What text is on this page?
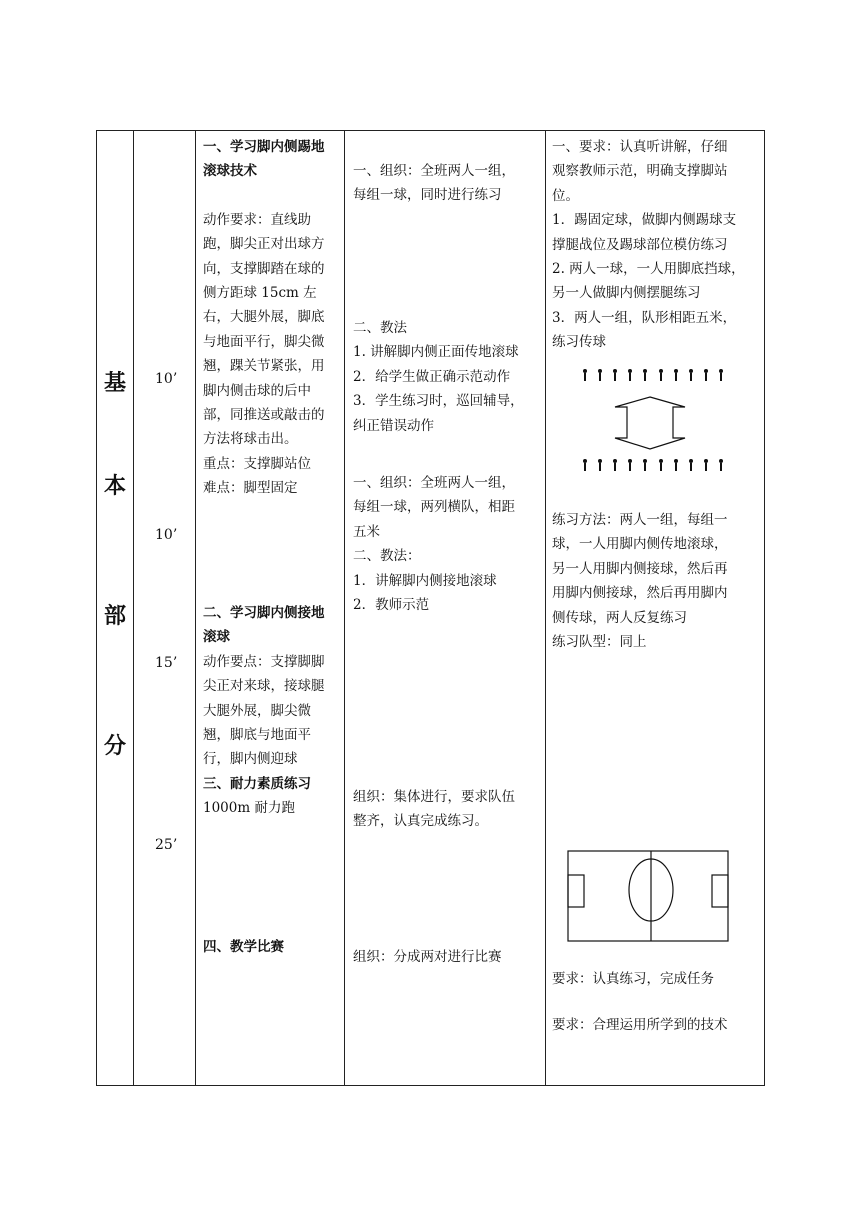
基
本
部
分
10’
10’
15’
25’

一、学习脚内侧踢地

滚球技术

动作要求：直线助

跑，脚尖正对出球方

向，支撑脚踏在球的

侧方距球 15cm 左

右，大腿外展，脚底

与地面平行，脚尖微

翘，踝关节紧张，用

脚内侧击球的后中

部，同推送或敲击的

方法将球击出。

重点：支撑脚站位

难点：脚型固定

二、学习脚内侧接地

滚球

动作要点：支撑脚脚

尖正对来球，接球腿

大腿外展，脚尖微

翘，脚底与地面平

行，脚内侧迎球

三、耐力素质练习

1000m 耐力跑

四、教学比赛

一、组织：全班两人一组，

每组一球，同时进行练习

二、教法

1. 讲解脚内侧正面传地滚球

2．给学生做正确示范动作

3．学生练习时，巡回辅导，

纠正错误动作

一、组织：全班两人一组，

每组一球，两列横队，相距

五米

二、教法：

1．讲解脚内侧接地滚球

2．教师示范

组织：集体进行，要求队伍

整齐，认真完成练习。

组织：分成两对进行比赛

一、要求：认真听讲解，仔细

观察教师示范，明确支撑脚站

位。

1．踢固定球，做脚内侧踢球支

撑腿战位及踢球部位模仿练习

2. 两人一球，一人用脚底挡球，

另一人做脚内侧摆腿练习

3．两人一组，队形相距五米，

练习传球

练习方法：两人一组，每组一

球，一人用脚内侧传地滚球，

另一人用脚内侧接球，然后再

用脚内侧接球，然后再用脚内

侧传球，两人反复练习

练习队型：同上

要求：认真练习，完成任务

要求：合理运用所学到的技术
